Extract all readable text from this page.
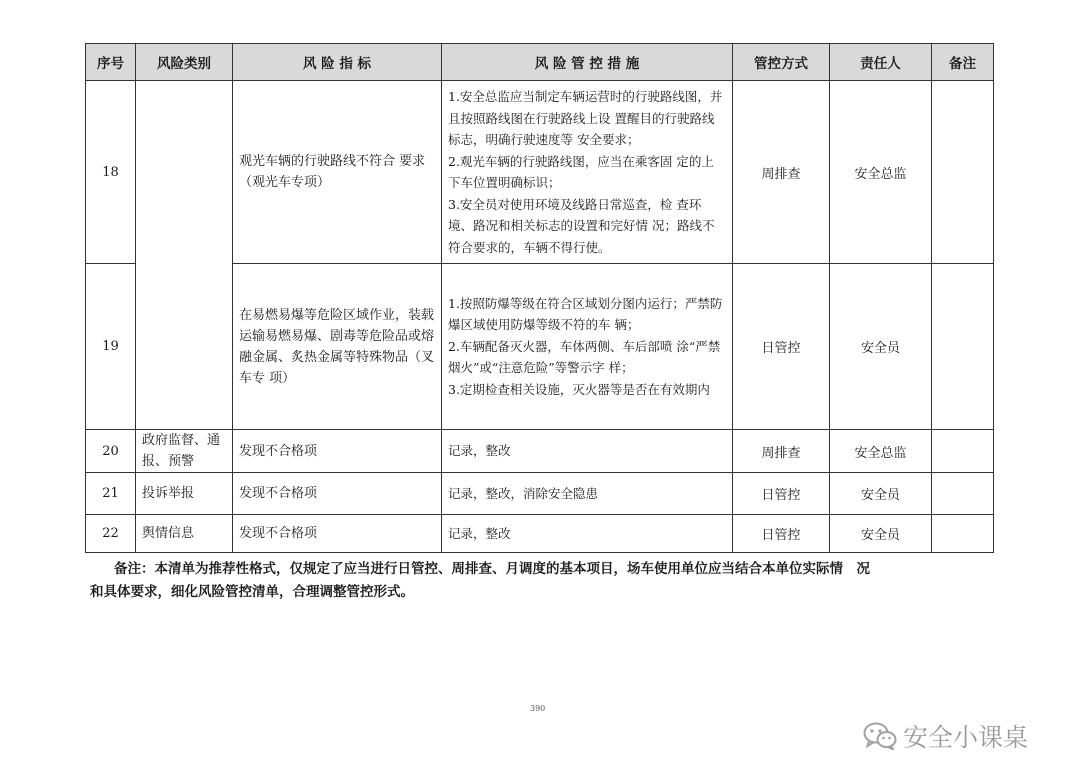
序号	风险类别	风 险 指 标	风 险 管 控 措 施	管控方式	责任人	备注
18		观光车辆的行驶路线不符合 要求（观光车专项）	1.安全总监应当制定车辆运营时的行驶路线图，并且按照路线图在行驶路线上设 置醒目的行驶路线标志，明确行驶速度等 安全要求；
2.观光车辆的行驶路线图，应当在乘客固 定的上下车位置明确标识；
3.安全员对使用环境及线路日常巡查，检 查环境、路况和相关标志的设置和完好情 况；路线不符合要求的，车辆不得行使。	周排查	安全总监	
19		在易燃易爆等危险区域作业，装载运输易燃易爆、剧毒等危险品或熔融金属、炙热金属等特殊物品（叉车专 项）	1.按照防爆等级在符合区域划分图内运行；严禁防爆区域使用防爆等级不符的车 辆；
2.车辆配备灭火器，车体两侧、车后部喷 涂“严禁烟火”或“注意危险”等警示字 样；
3.定期检查相关设施，灭火器等是否在有效期内	日管控	安全员	
20	政府监督、通报、预警	发现不合格项	记录，整改	周排查	安全总监	
21	投诉举报	发现不合格项	记录，整改，消除安全隐患	日管控	安全员	
22	舆情信息	发现不合格项	记录，整改	日管控	安全员	
备注：本清单为推荐性格式，仅规定了应当进行日管控、周排查、月调度的基本项目，场车使用单位应当结合本单位实际情　况
和具体要求，细化风险管控清单，合理调整管控形式。
390
安全小课桌
